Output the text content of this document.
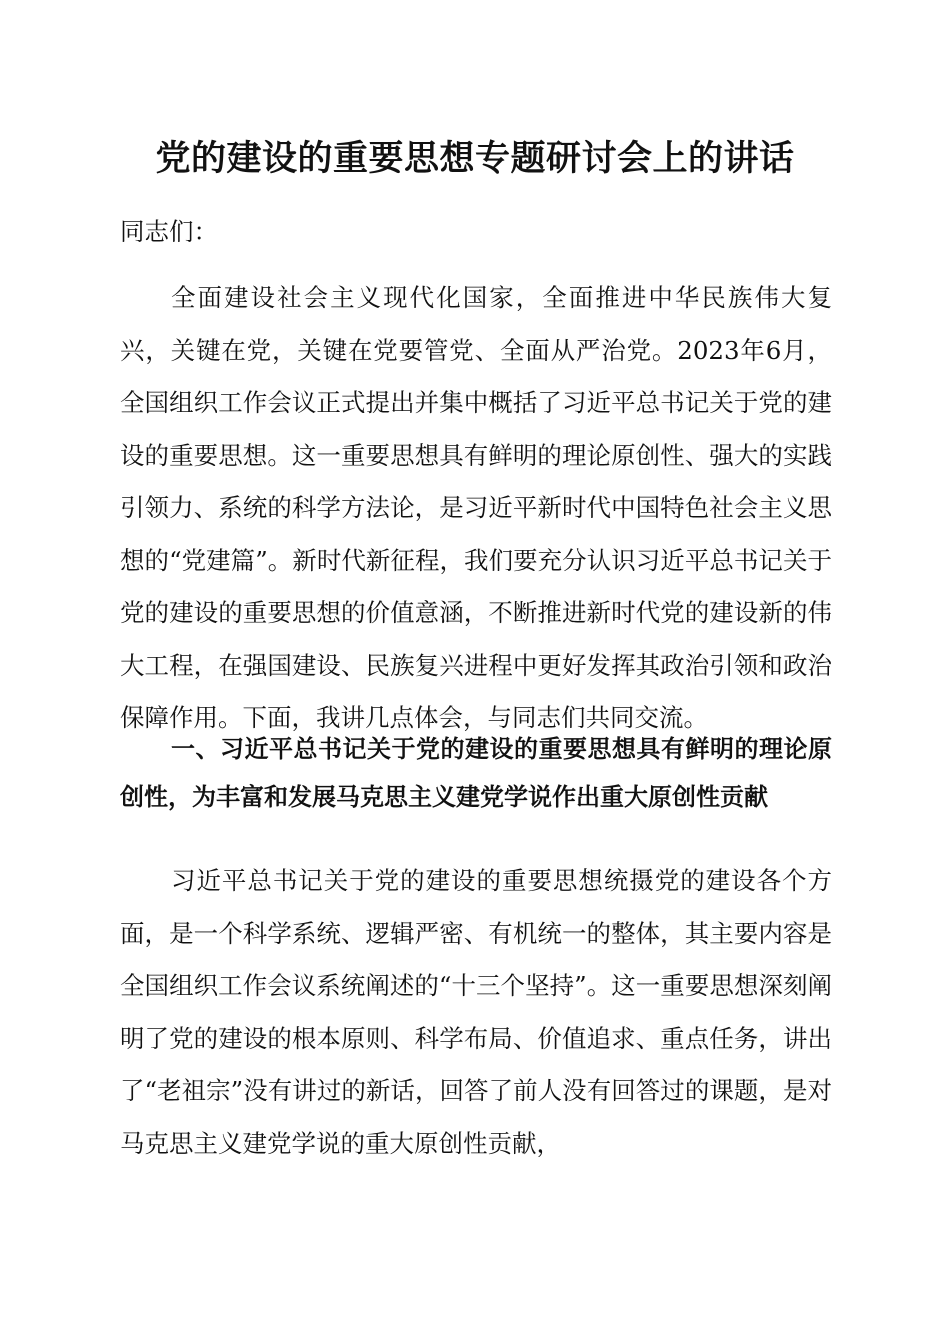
党的建设的重要思想专题研讨会上的讲话

同志们：

全面建设社会主义现代化国家，全面推进中华民族伟大复兴，关键在党，关键在党要管党、全面从严治党。2023年6月，全国组织工作会议正式提出并集中概括了习近平总书记关于党的建设的重要思想。这一重要思想具有鲜明的理论原创性、强大的实践引领力、系统的科学方法论，是习近平新时代中国特色社会主义思想的“党建篇”。新时代新征程，我们要充分认识习近平总书记关于党的建设的重要思想的价值意涵，不断推进新时代党的建设新的伟大工程，在强国建设、民族复兴进程中更好发挥其政治引领和政治保障作用。下面，我讲几点体会，与同志们共同交流。

一、习近平总书记关于党的建设的重要思想具有鲜明的理论原创性，为丰富和发展马克思主义建党学说作出重大原创性贡献

习近平总书记关于党的建设的重要思想统摄党的建设各个方面，是一个科学系统、逻辑严密、有机统一的整体，其主要内容是全国组织工作会议系统阐述的“十三个坚持”。这一重要思想深刻阐明了党的建设的根本原则、科学布局、价值追求、重点任务，讲出了“老祖宗”没有讲过的新话，回答了前人没有回答过的课题，是对马克思主义建党学说的重大原创性贡献，
